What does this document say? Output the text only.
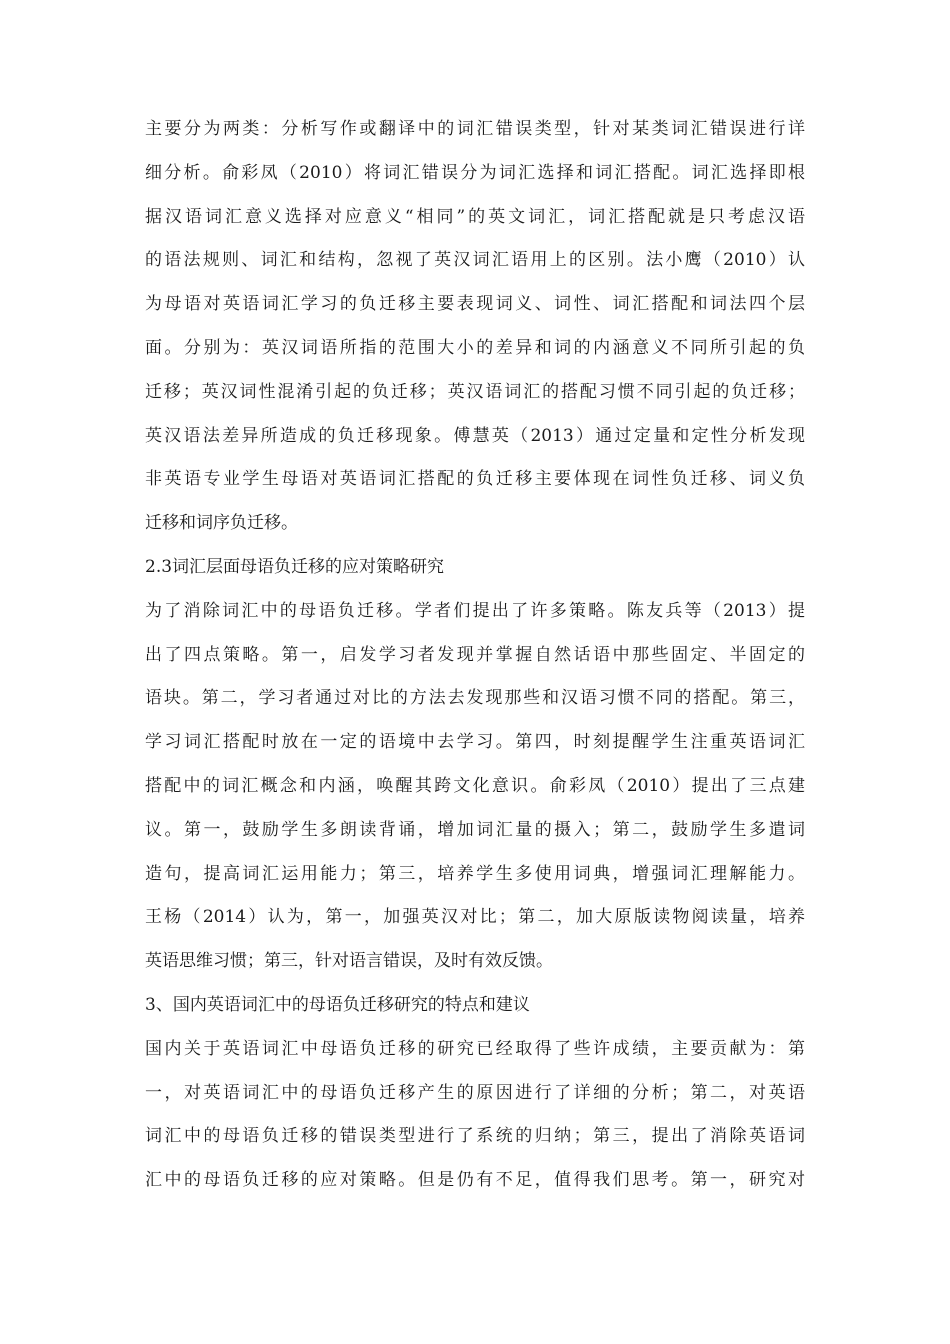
主要分为两类：分析写作或翻译中的词汇错误类型，针对某类词汇错误进行详
细分析。俞彩凤（2010）将词汇错误分为词汇选择和词汇搭配。词汇选择即根
据汉语词汇意义选择对应意义“相同”的英文词汇，词汇搭配就是只考虑汉语
的语法规则、词汇和结构，忽视了英汉词汇语用上的区别。法小鹰（2010）认
为母语对英语词汇学习的负迁移主要表现词义、词性、词汇搭配和词法四个层
面。分别为：英汉词语所指的范围大小的差异和词的内涵意义不同所引起的负
迁移；英汉词性混淆引起的负迁移；英汉语词汇的搭配习惯不同引起的负迁移；
英汉语法差异所造成的负迁移现象。傅慧英（2013）通过定量和定性分析发现
非英语专业学生母语对英语词汇搭配的负迁移主要体现在词性负迁移、词义负
迁移和词序负迁移。
2.3词汇层面母语负迁移的应对策略研究
为了消除词汇中的母语负迁移。学者们提出了许多策略。陈友兵等（2013）提
出了四点策略。第一，启发学习者发现并掌握自然话语中那些固定、半固定的
语块。第二，学习者通过对比的方法去发现那些和汉语习惯不同的搭配。第三，
学习词汇搭配时放在一定的语境中去学习。第四，时刻提醒学生注重英语词汇
搭配中的词汇概念和内涵，唤醒其跨文化意识。俞彩凤（2010）提出了三点建
议。第一，鼓励学生多朗读背诵，增加词汇量的摄入；第二，鼓励学生多遣词
造句，提高词汇运用能力；第三，培养学生多使用词典，增强词汇理解能力。
王杨（2014）认为，第一，加强英汉对比；第二，加大原版读物阅读量，培养
英语思维习惯；第三，针对语言错误，及时有效反馈。
3、国内英语词汇中的母语负迁移研究的特点和建议
国内关于英语词汇中母语负迁移的研究已经取得了些许成绩，主要贡献为：第
一，对英语词汇中的母语负迁移产生的原因进行了详细的分析；第二，对英语
词汇中的母语负迁移的错误类型进行了系统的归纳；第三，提出了消除英语词
汇中的母语负迁移的应对策略。但是仍有不足，值得我们思考。第一，研究对
